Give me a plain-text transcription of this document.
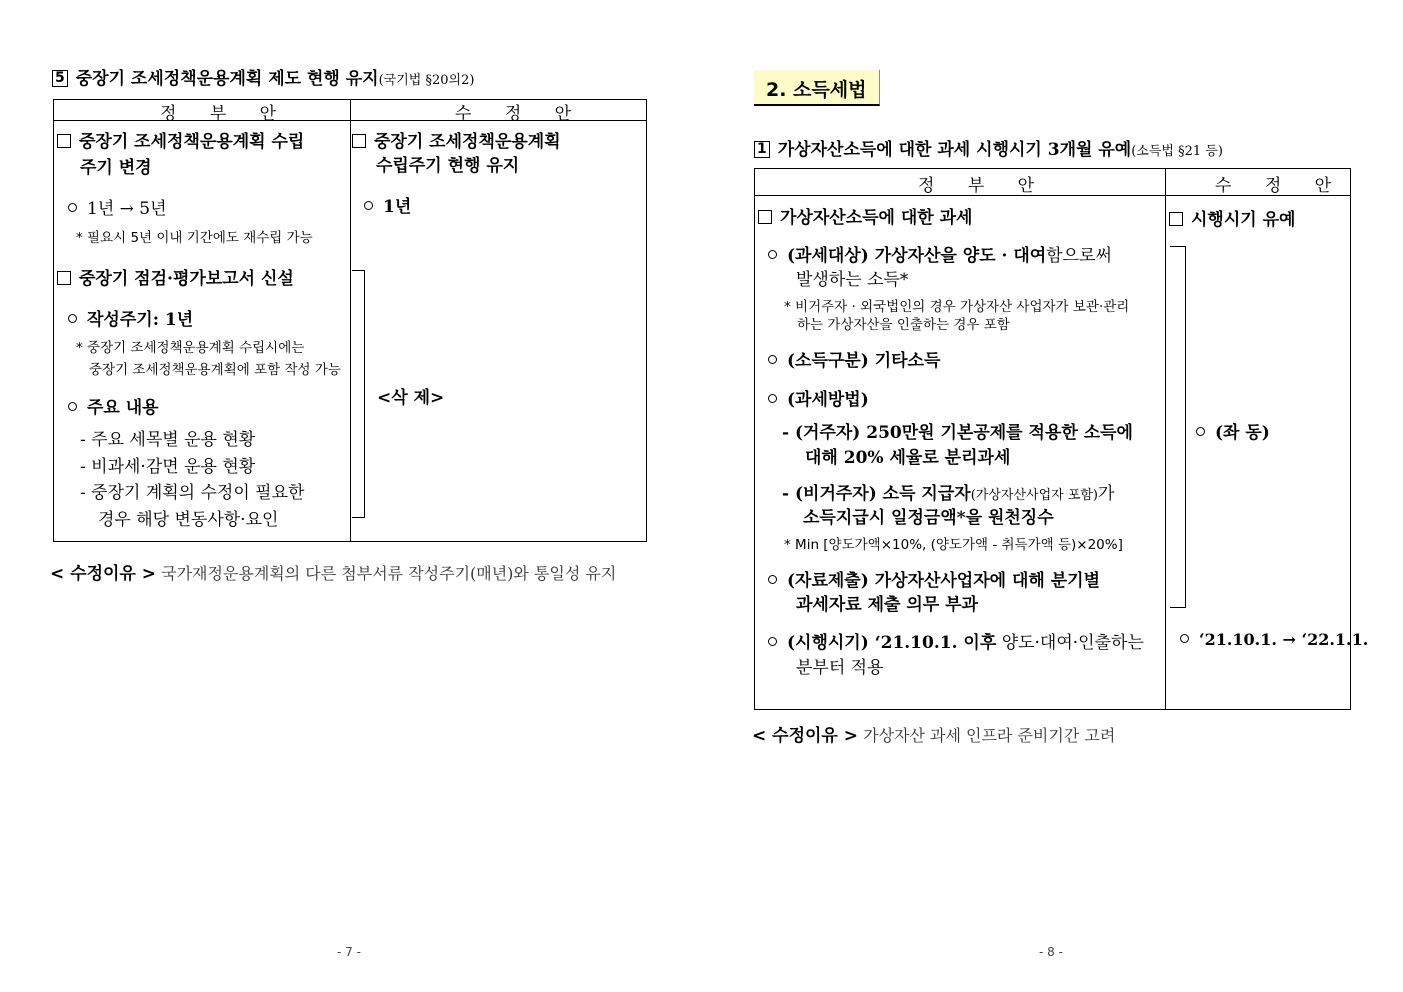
5 중장기 조세정책운용계획 제도 현행 유지(국기법 §20의2)
정 부 안	수 정 안
중장기 조세정책운용계획 수립
주기 변경
1년 → 5년
* 필요시 5년 이내 기간에도 재수립 가능
중장기 점검·평가보고서 신설
작성주기: 1년
* 중장기 조세정책운용계획 수립시에는
중장기 조세정책운용계획에 포함 작성 가능
주요 내용
- 주요 세목별 운용 현황
- 비과세·감면 운용 현황
- 중장기 계획의 수정이 필요한
경우 해당 변동사항·요인
중장기 조세정책운용계획
수립주기 현행 유지
1년
<삭 제>
< 수정이유 > 국가재정운용계획의 다른 첨부서류 작성주기(매년)와 통일성 유지
- 7 -
2. 소득세법
1 가상자산소득에 대한 과세 시행시기 3개월 유예(소득법 §21 등)
정 부 안	수 정 안
가상자산소득에 대한 과세
(과세대상) 가상자산을 양도 · 대여함으로써
발생하는 소득*
* 비거주자 · 외국법인의 경우 가상자산 사업자가 보관·관리
하는 가상자산을 인출하는 경우 포함
(소득구분) 기타소득
(과세방법)
- (거주자) 250만원 기본공제를 적용한 소득에
대해 20% 세율로 분리과세
- (비거주자) 소득 지급자(가상자산사업자 포함)가
소득지급시 일정금액*을 원천징수
* Min [양도가액×10%, (양도가액 - 취득가액 등)×20%]
(자료제출) 가상자산사업자에 대해 분기별
과세자료 제출 의무 부과
(시행시기) ‘21.10.1. 이후 양도·대여·인출하는
분부터 적용
시행시기 유예
(좌 동)
‘21.10.1. → ‘22.1.1.
< 수정이유 > 가상자산 과세 인프라 준비기간 고려
- 8 -
